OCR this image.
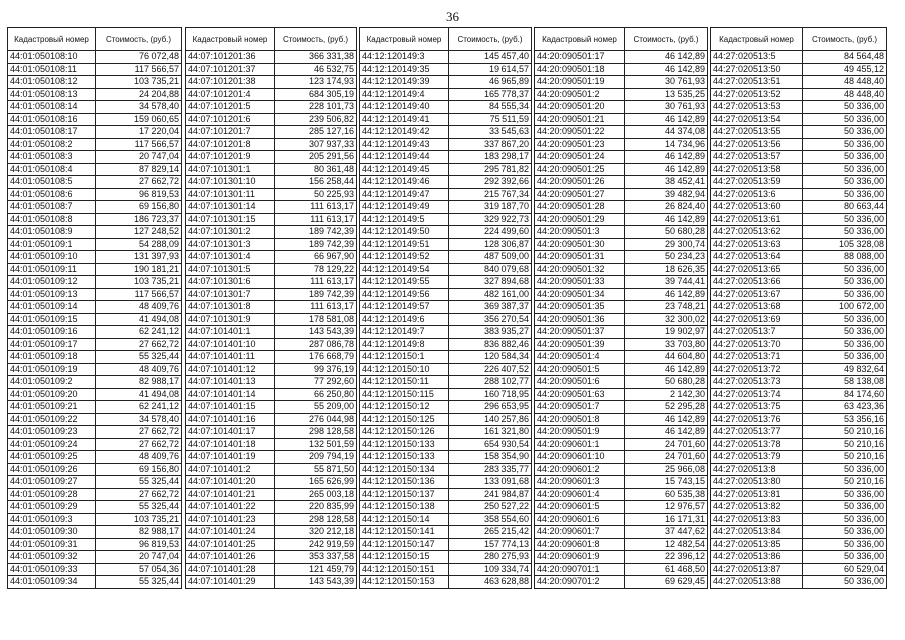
36
Кадастровый номер	Стоимость, (руб.)
44:01:050108:10	76 072,48
44:01:050108:11	117 566,57
44:01:050108:12	103 735,21
44:01:050108:13	24 204,88
44:01:050108:14	34 578,40
44:01:050108:16	159 060,65
44:01:050108:17	17 220,04
44:01:050108:2	117 566,57
44:01:050108:3	20 747,04
44:01:050108:4	87 829,14
44:01:050108:5	27 662,72
44:01:050108:6	96 819,53
44:01:050108:7	69 156,80
44:01:050108:8	186 723,37
44:01:050108:9	127 248,52
44:01:050109:1	54 288,09
44:01:050109:10	131 397,93
44:01:050109:11	190 181,21
44:01:050109:12	103 735,21
44:01:050109:13	117 566,57
44:01:050109:14	48 409,76
44:01:050109:15	41 494,08
44:01:050109:16	62 241,12
44:01:050109:17	27 662,72
44:01:050109:18	55 325,44
44:01:050109:19	48 409,76
44:01:050109:2	82 988,17
44:01:050109:20	41 494,08
44:01:050109:21	62 241,12
44:01:050109:22	34 578,40
44:01:050109:23	27 662,72
44:01:050109:24	27 662,72
44:01:050109:25	48 409,76
44:01:050109:26	69 156,80
44:01:050109:27	55 325,44
44:01:050109:28	27 662,72
44:01:050109:29	55 325,44
44:01:050109:3	103 735,21
44:01:050109:30	82 988,17
44:01:050109:31	96 819,53
44:01:050109:32	20 747,04
44:01:050109:33	57 054,36
44:01:050109:34	55 325,44
Кадастровый номер	Стоимость, (руб.)
44:07:101201:36	366 331,38
44:07:101201:37	46 532,75
44:07:101201:38	123 174,93
44:07:101201:4	684 305,19
44:07:101201:5	228 101,73
44:07:101201:6	239 506,82
44:07:101201:7	285 127,16
44:07:101201:8	307 937,33
44:07:101201:9	205 291,56
44:07:101301:1	80 361,48
44:07:101301:10	156 258,44
44:07:101301:11	50 225,93
44:07:101301:14	111 613,17
44:07:101301:15	111 613,17
44:07:101301:2	189 742,39
44:07:101301:3	189 742,39
44:07:101301:4	66 967,90
44:07:101301:5	78 129,22
44:07:101301:6	111 613,17
44:07:101301:7	189 742,39
44:07:101301:8	111 613,17
44:07:101301:9	178 581,08
44:07:101401:1	143 543,39
44:07:101401:10	287 086,78
44:07:101401:11	176 668,79
44:07:101401:12	99 376,19
44:07:101401:13	77 292,60
44:07:101401:14	66 250,80
44:07:101401:15	55 209,00
44:07:101401:16	276 044,98
44:07:101401:17	298 128,58
44:07:101401:18	132 501,59
44:07:101401:19	209 794,19
44:07:101401:2	55 871,50
44:07:101401:20	165 626,99
44:07:101401:21	265 003,18
44:07:101401:22	220 835,99
44:07:101401:23	298 128,58
44:07:101401:24	320 212,18
44:07:101401:25	242 919,59
44:07:101401:26	353 337,58
44:07:101401:28	121 459,79
44:07:101401:29	143 543,39
Кадастровый номер	Стоимость, (руб.)
44:12:120149:3	145 457,40
44:12:120149:35	19 614,57
44:12:120149:39	46 965,89
44:12:120149:4	165 778,37
44:12:120149:40	84 555,34
44:12:120149:41	75 511,59
44:12:120149:42	33 545,63
44:12:120149:43	337 867,20
44:12:120149:44	183 298,17
44:12:120149:45	295 781,82
44:12:120149:46	292 392,66
44:12:120149:47	215 767,34
44:12:120149:49	319 187,70
44:12:120149:5	329 922,73
44:12:120149:50	224 499,60
44:12:120149:51	128 306,87
44:12:120149:52	487 509,00
44:12:120149:54	840 079,68
44:12:120149:55	327 894,68
44:12:120149:56	482 161,00
44:12:120149:57	369 387,37
44:12:120149:6	356 270,54
44:12:120149:7	383 935,27
44:12:120149:8	836 882,46
44:12:120150:1	120 584,34
44:12:120150:10	226 407,52
44:12:120150:11	288 102,77
44:12:120150:115	160 718,95
44:12:120150:12	296 653,95
44:12:120150:125	140 257,86
44:12:120150:126	161 321,80
44:12:120150:133	654 930,54
44:12:120150:133	158 354,90
44:12:120150:134	283 335,77
44:12:120150:136	133 091,68
44:12:120150:137	241 984,87
44:12:120150:138	250 527,22
44:12:120150:14	358 554,60
44:12:120150:141	265 215,42
44:12:120150:147	157 774,13
44:12:120150:15	280 275,93
44:12:120150:151	109 334,74
44:12:120150:153	463 628,88
Кадастровый номер	Стоимость, (руб.)
44:20:090501:17	46 142,89
44:20:090501:18	46 142,89
44:20:090501:19	30 761,93
44:20:090501:2	13 535,25
44:20:090501:20	30 761,93
44:20:090501:21	46 142,89
44:20:090501:22	44 374,08
44:20:090501:23	14 734,96
44:20:090501:24	46 142,89
44:20:090501:25	46 142,89
44:20:090501:26	38 452,41
44:20:090501:27	39 482,94
44:20:090501:28	26 824,40
44:20:090501:29	46 142,89
44:20:090501:3	50 680,28
44:20:090501:30	29 300,74
44:20:090501:31	50 234,23
44:20:090501:32	18 626,35
44:20:090501:33	39 744,41
44:20:090501:34	46 142,89
44:20:090501:35	23 748,21
44:20:090501:36	32 300,02
44:20:090501:37	19 902,97
44:20:090501:39	33 703,80
44:20:090501:4	44 604,80
44:20:090501:5	46 142,89
44:20:090501:6	50 680,28
44:20:090501:63	2 142,30
44:20:090501:7	52 295,28
44:20:090501:8	46 142,89
44:20:090501:9	46 142,89
44:20:090601:1	24 701,60
44:20:090601:10	24 701,60
44:20:090601:2	25 966,08
44:20:090601:3	15 743,15
44:20:090601:4	60 535,38
44:20:090601:5	12 976,57
44:20:090601:6	16 171,31
44:20:090601:7	37 447,62
44:20:090601:8	12 482,54
44:20:090601:9	22 396,12
44:20:090701:1	61 468,50
44:20:090701:2	69 629,45
Кадастровый номер	Стоимость, (руб.)
44:27:020513:5	84 564,48
44:27:020513:50	49 455,12
44:27:020513:51	48 448,40
44:27:020513:52	48 448,40
44:27:020513:53	50 336,00
44:27:020513:54	50 336,00
44:27:020513:55	50 336,00
44:27:020513:56	50 336,00
44:27:020513:57	50 336,00
44:27:020513:58	50 336,00
44:27:020513:59	50 336,00
44:27:020513:6	50 336,00
44:27:020513:60	80 663,44
44:27:020513:61	50 336,00
44:27:020513:62	50 336,00
44:27:020513:63	105 328,08
44:27:020513:64	88 088,00
44:27:020513:65	50 336,00
44:27:020513:66	50 336,00
44:27:020513:67	50 336,00
44:27:020513:68	100 672,00
44:27:020513:69	50 336,00
44:27:020513:7	50 336,00
44:27:020513:70	50 336,00
44:27:020513:71	50 336,00
44:27:020513:72	49 832,64
44:27:020513:73	58 138,08
44:27:020513:74	84 174,60
44:27:020513:75	63 423,36
44:27:020513:76	53 356,16
44:27:020513:77	50 210,16
44:27:020513:78	50 210,16
44:27:020513:79	50 210,16
44:27:020513:8	50 336,00
44:27:020513:80	50 210,16
44:27:020513:81	50 336,00
44:27:020513:82	50 336,00
44:27:020513:83	50 336,00
44:27:020513:84	50 336,00
44:27:020513:85	50 336,00
44:27:020513:86	50 336,00
44:27:020513:87	60 529,04
44:27:020513:88	50 336,00
